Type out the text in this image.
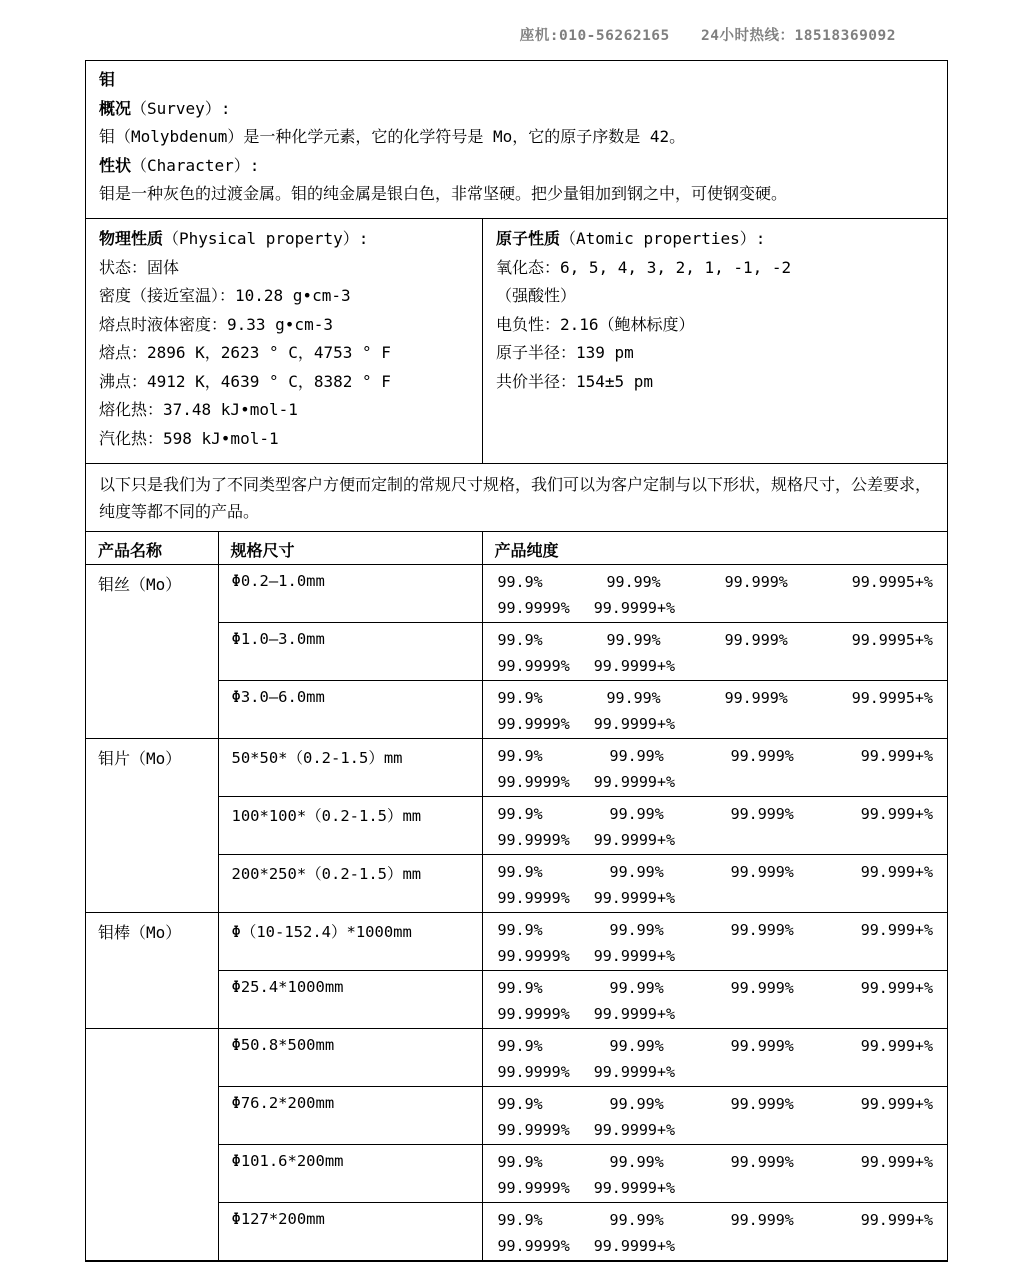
座机:010-56262165 24小时热线：18518369092
钼
概况（Survey）:
钼（Molybdenum）是一种化学元素，它的化学符号是 Mo，它的原子序数是 42。
性状（Character）:
钼是一种灰色的过渡金属。钼的纯金属是银白色，非常坚硬。把少量钼加到钢之中，可使钢变硬。
物理性质（Physical property）:
状态：固体
密度（接近室温）：10.28 g•cm-3
熔点时液体密度：9.33 g•cm-3
熔点：2896 K，2623 ° C，4753 ° F
沸点：4912 K，4639 ° C，8382 ° F
熔化热：37.48 kJ•mol-1
汽化热：598 kJ•mol-1
原子性质（Atomic properties）:
氧化态：6, 5, 4, 3, 2, 1, -1, -2
（强酸性）
电负性：2.16（鲍林标度）
原子半径：139 pm
共价半径：154±5 pm
以下只是我们为了不同类型客户方便而定制的常规尺寸规格，我们可以为客户定制与以下形状，规格尺寸，公差要求，纯度等都不同的产品。
产品名称	规格尺寸	产品纯度
钼丝（Mo）	Φ0.2—1.0mm	99.9%	99.99%	99.999%	99.9995+%
99.9999% 99.9999+%

Φ1.0—3.0mm	99.9%	99.99%	99.999%	99.9995+%
99.9999% 99.9999+%

Φ3.0—6.0mm	99.9%	99.99%	99.999%	99.9995+%
99.9999% 99.9999+%

钼片（Mo）	50*50*（0.2-1.5）mm	99.9%	99.99%	99.999%	99.999+%
99.9999% 99.9999+%

100*100*（0.2-1.5）mm	99.9%	99.99%	99.999%	99.999+%
99.9999% 99.9999+%

200*250*（0.2-1.5）mm	99.9%	99.99%	99.999%	99.999+%
99.9999% 99.9999+%

钼棒（Mo）	Φ（10-152.4）*1000mm	99.9%	99.99%	99.999%	99.999+%
99.9999% 99.9999+%

Φ25.4*1000mm	99.9%	99.99%	99.999%	99.999+%
99.9999% 99.9999+%

	Φ50.8*500mm	99.9%	99.99%	99.999%	99.999+%
99.9999% 99.9999+%

Φ76.2*200mm	99.9%	99.99%	99.999%	99.999+%
99.9999% 99.9999+%

Φ101.6*200mm	99.9%	99.99%	99.999%	99.999+%
99.9999% 99.9999+%

Φ127*200mm	99.9%	99.99%	99.999%	99.999+%
99.9999% 99.9999+%
